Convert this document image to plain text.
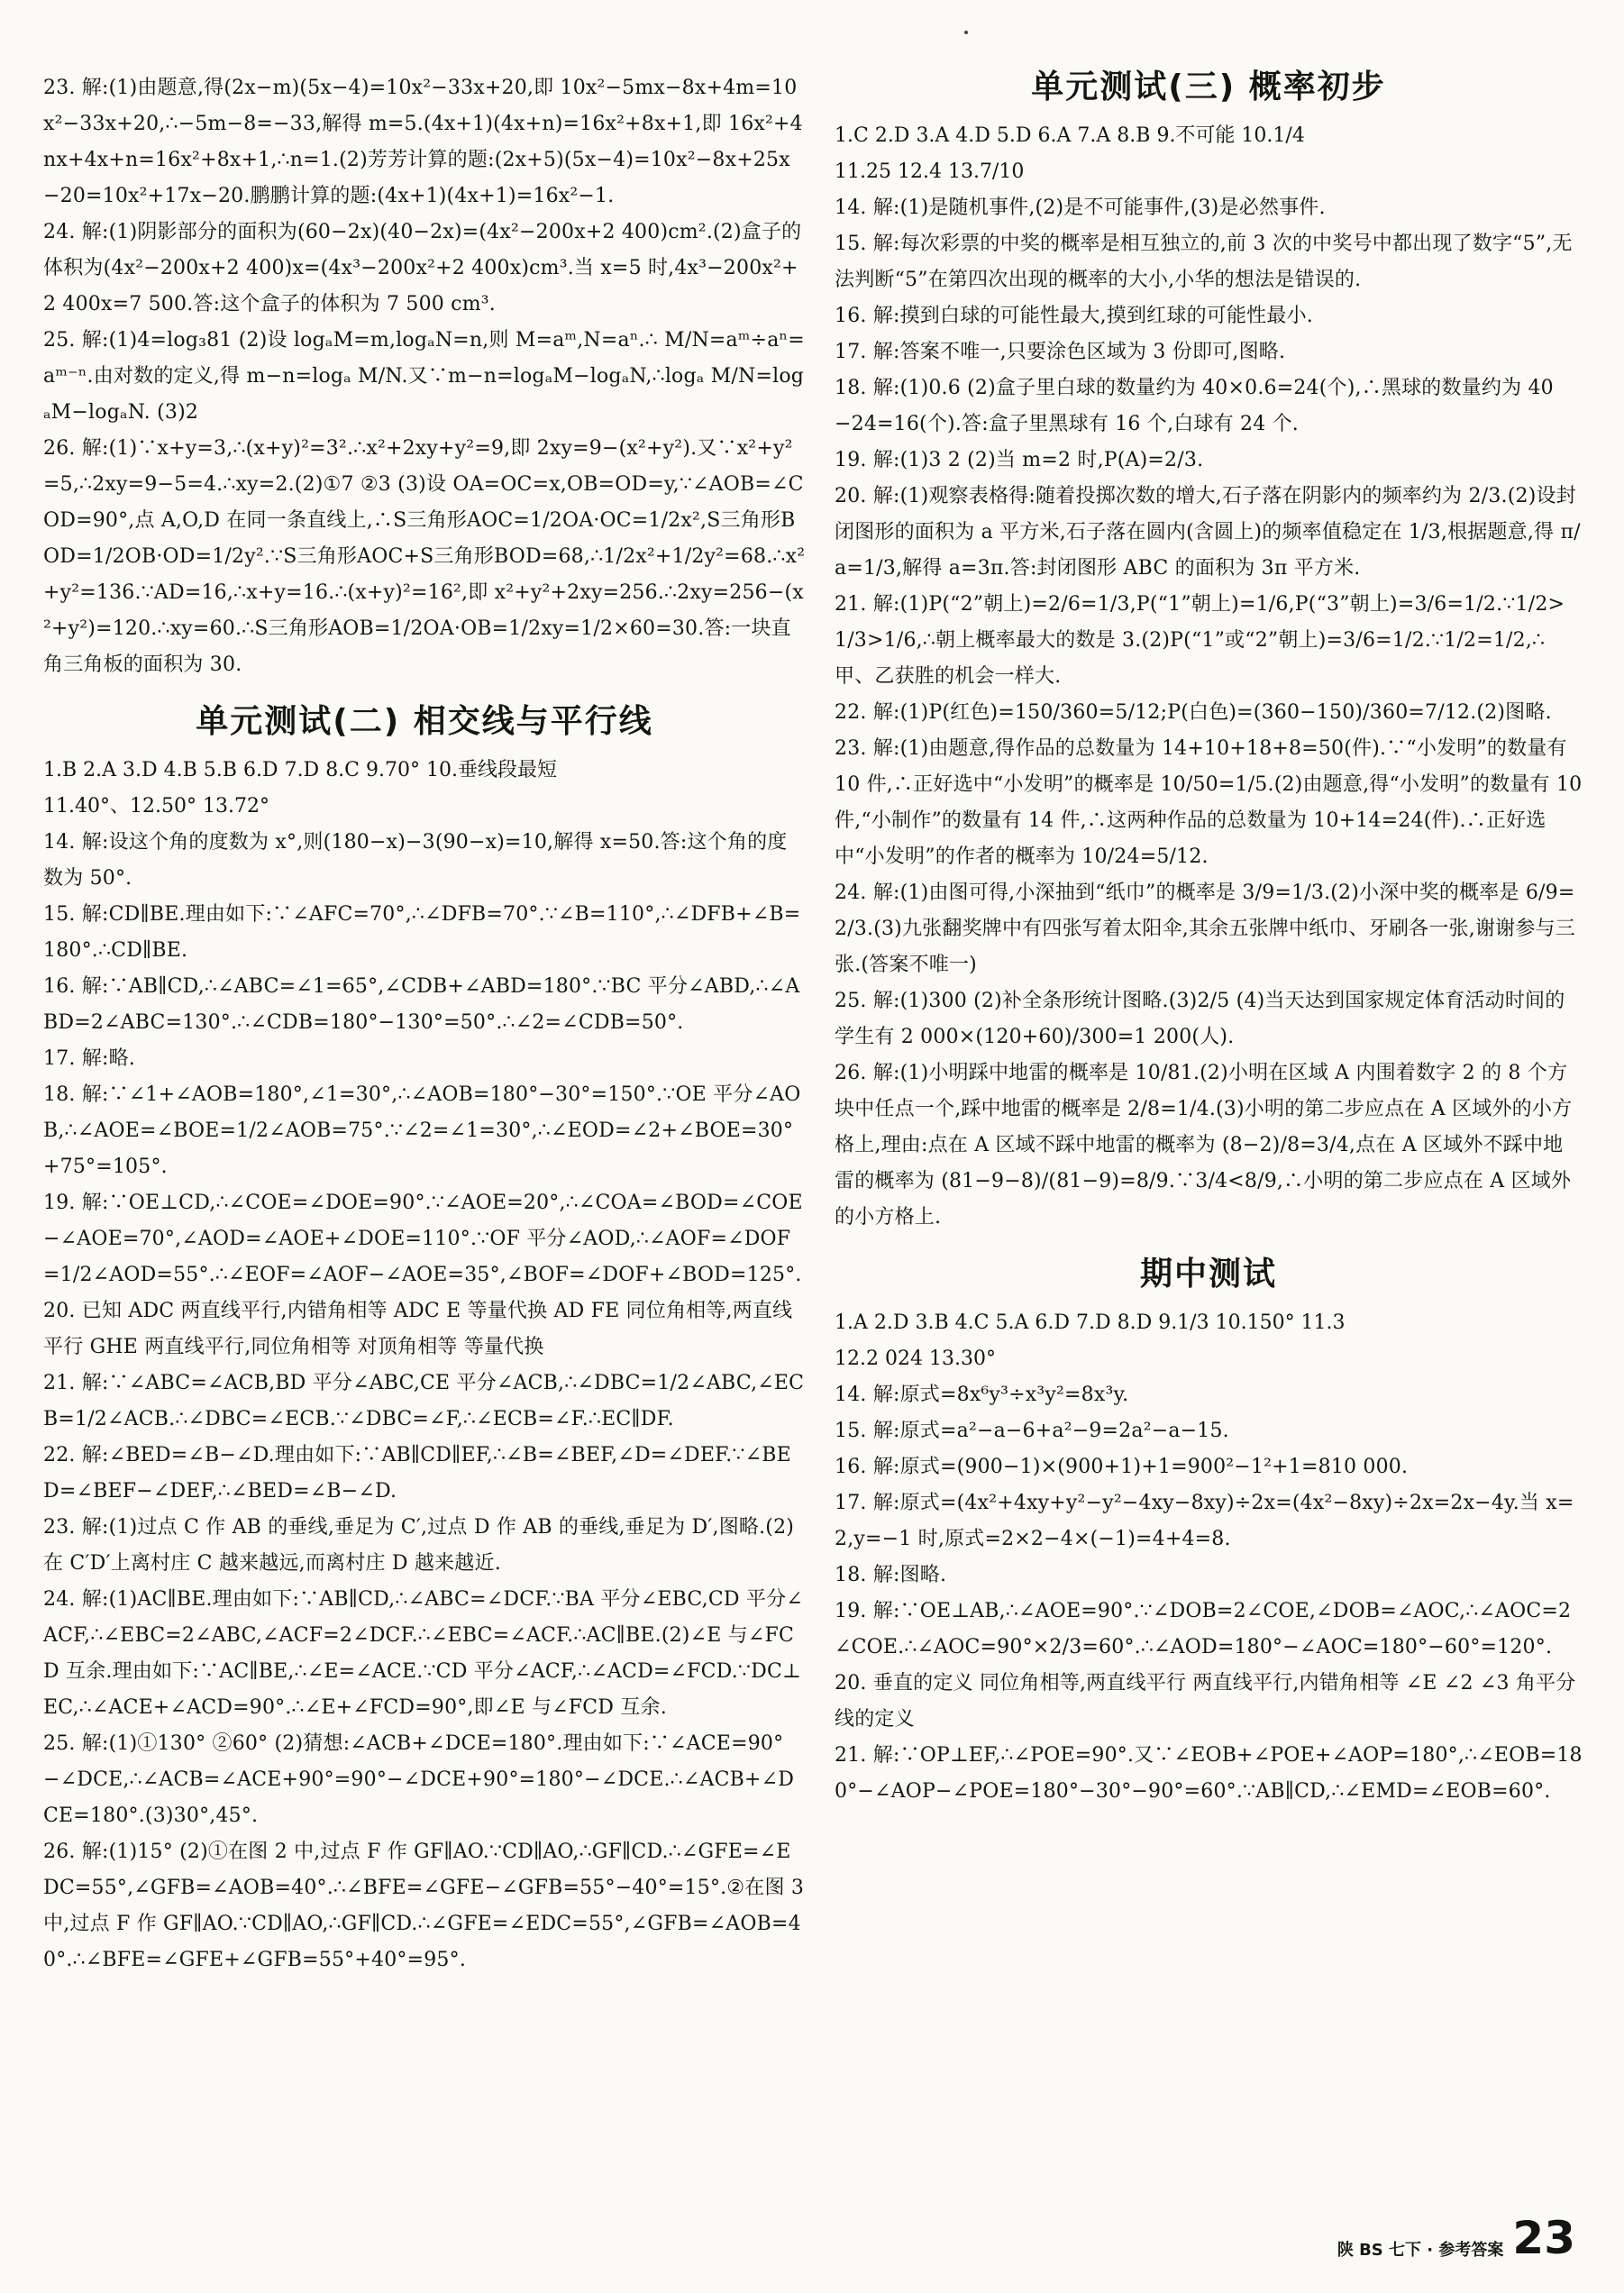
23. 解:(1)由题意,得(2x−m)(5x−4)=10x²−33x+20,即 10x²−5mx−8x+4m=10x²−33x+20,∴−5m−8=−33,解得 m=5.(4x+1)(4x+n)=16x²+8x+1,即 16x²+4nx+4x+n=16x²+8x+1,∴n=1.(2)芳芳计算的题:(2x+5)(5x−4)=10x²−8x+25x−20=10x²+17x−20.鹏鹏计算的题:(4x+1)(4x+1)=16x²−1.

24. 解:(1)阴影部分的面积为(60−2x)(40−2x)=(4x²−200x+2 400)cm².(2)盒子的体积为(4x²−200x+2 400)x=(4x³−200x²+2 400x)cm³.当 x=5 时,4x³−200x²+2 400x=7 500.答:这个盒子的体积为 7 500 cm³.

25. 解:(1)4=log₃81 (2)设 logₐM=m,logₐN=n,则 M=aᵐ,N=aⁿ.∴ M/N=aᵐ÷aⁿ=aᵐ⁻ⁿ.由对数的定义,得 m−n=logₐ M/N.又∵m−n=logₐM−logₐN,∴logₐ M/N=logₐM−logₐN. (3)2

26. 解:(1)∵x+y=3,∴(x+y)²=3².∴x²+2xy+y²=9,即 2xy=9−(x²+y²).又∵x²+y²=5,∴2xy=9−5=4.∴xy=2.(2)①7 ②3 (3)设 OA=OC=x,OB=OD=y,∵∠AOB=∠COD=90°,点 A,O,D 在同一条直线上,∴S三角形AOC=1/2OA·OC=1/2x²,S三角形BOD=1/2OB·OD=1/2y².∵S三角形AOC+S三角形BOD=68,∴1/2x²+1/2y²=68.∴x²+y²=136.∵AD=16,∴x+y=16.∴(x+y)²=16²,即 x²+y²+2xy=256.∴2xy=256−(x²+y²)=120.∴xy=60.∴S三角形AOB=1/2OA·OB=1/2xy=1/2×60=30.答:一块直角三角板的面积为 30.

单元测试(二) 相交线与平行线
1.B 2.A 3.D 4.B 5.B 6.D 7.D 8.C 9.70° 10.垂线段最短
11.40°、12.50° 13.72°

14. 解:设这个角的度数为 x°,则(180−x)−3(90−x)=10,解得 x=50.答:这个角的度数为 50°.

15. 解:CD∥BE.理由如下:∵∠AFC=70°,∴∠DFB=70°.∵∠B=110°,∴∠DFB+∠B=180°.∴CD∥BE.

16. 解:∵AB∥CD,∴∠ABC=∠1=65°,∠CDB+∠ABD=180°.∵BC 平分∠ABD,∴∠ABD=2∠ABC=130°.∴∠CDB=180°−130°=50°.∴∠2=∠CDB=50°.

17. 解:略.

18. 解:∵∠1+∠AOB=180°,∠1=30°,∴∠AOB=180°−30°=150°.∵OE 平分∠AOB,∴∠AOE=∠BOE=1/2∠AOB=75°.∵∠2=∠1=30°,∴∠EOD=∠2+∠BOE=30°+75°=105°.

19. 解:∵OE⊥CD,∴∠COE=∠DOE=90°.∵∠AOE=20°,∴∠COA=∠BOD=∠COE−∠AOE=70°,∠AOD=∠AOE+∠DOE=110°.∵OF 平分∠AOD,∴∠AOF=∠DOF=1/2∠AOD=55°.∴∠EOF=∠AOF−∠AOE=35°,∠BOF=∠DOF+∠BOD=125°.

20. 已知 ADC 两直线平行,内错角相等 ADC E 等量代换 AD FE 同位角相等,两直线平行 GHE 两直线平行,同位角相等 对顶角相等 等量代换

21. 解:∵∠ABC=∠ACB,BD 平分∠ABC,CE 平分∠ACB,∴∠DBC=1/2∠ABC,∠ECB=1/2∠ACB.∴∠DBC=∠ECB.∵∠DBC=∠F,∴∠ECB=∠F.∴EC∥DF.

22. 解:∠BED=∠B−∠D.理由如下:∵AB∥CD∥EF,∴∠B=∠BEF,∠D=∠DEF.∵∠BED=∠BEF−∠DEF,∴∠BED=∠B−∠D.

23. 解:(1)过点 C 作 AB 的垂线,垂足为 C′,过点 D 作 AB 的垂线,垂足为 D′,图略.(2)在 C′D′上离村庄 C 越来越远,而离村庄 D 越来越近.

24. 解:(1)AC∥BE.理由如下:∵AB∥CD,∴∠ABC=∠DCF.∵BA 平分∠EBC,CD 平分∠ACF,∴∠EBC=2∠ABC,∠ACF=2∠DCF.∴∠EBC=∠ACF.∴AC∥BE.(2)∠E 与∠FCD 互余.理由如下:∵AC∥BE,∴∠E=∠ACE.∵CD 平分∠ACF,∴∠ACD=∠FCD.∵DC⊥EC,∴∠ACE+∠ACD=90°.∴∠E+∠FCD=90°,即∠E 与∠FCD 互余.

25. 解:(1)①130° ②60° (2)猜想:∠ACB+∠DCE=180°.理由如下:∵∠ACE=90°−∠DCE,∴∠ACB=∠ACE+90°=90°−∠DCE+90°=180°−∠DCE.∴∠ACB+∠DCE=180°.(3)30°,45°.

26. 解:(1)15° (2)①在图 2 中,过点 F 作 GF∥AO.∵CD∥AO,∴GF∥CD.∴∠GFE=∠EDC=55°,∠GFB=∠AOB=40°.∴∠BFE=∠GFE−∠GFB=55°−40°=15°.②在图 3 中,过点 F 作 GF∥AO.∵CD∥AO,∴GF∥CD.∴∠GFE=∠EDC=55°,∠GFB=∠AOB=40°.∴∠BFE=∠GFE+∠GFB=55°+40°=95°.

单元测试(三) 概率初步
1.C 2.D 3.A 4.D 5.D 6.A 7.A 8.B 9.不可能 10.1/4
11.25 12.4 13.7/10

14. 解:(1)是随机事件,(2)是不可能事件,(3)是必然事件.

15. 解:每次彩票的中奖的概率是相互独立的,前 3 次的中奖号中都出现了数字“5”,无法判断“5”在第四次出现的概率的大小,小华的想法是错误的.

16. 解:摸到白球的可能性最大,摸到红球的可能性最小.

17. 解:答案不唯一,只要涂色区域为 3 份即可,图略.

18. 解:(1)0.6 (2)盒子里白球的数量约为 40×0.6=24(个),∴黑球的数量约为 40−24=16(个).答:盒子里黑球有 16 个,白球有 24 个.

19. 解:(1)3 2 (2)当 m=2 时,P(A)=2/3.

20. 解:(1)观察表格得:随着投掷次数的增大,石子落在阴影内的频率约为 2/3.(2)设封闭图形的面积为 a 平方米,石子落在圆内(含圆上)的频率值稳定在 1/3,根据题意,得 π/a=1/3,解得 a=3π.答:封闭图形 ABC 的面积为 3π 平方米.

21. 解:(1)P(“2”朝上)=2/6=1/3,P(“1”朝上)=1/6,P(“3”朝上)=3/6=1/2.∵1/2>1/3>1/6,∴朝上概率最大的数是 3.(2)P(“1”或“2”朝上)=3/6=1/2.∵1/2=1/2,∴甲、乙获胜的机会一样大.

22. 解:(1)P(红色)=150/360=5/12;P(白色)=(360−150)/360=7/12.(2)图略.

23. 解:(1)由题意,得作品的总数量为 14+10+18+8=50(件).∵“小发明”的数量有 10 件,∴正好选中“小发明”的概率是 10/50=1/5.(2)由题意,得“小发明”的数量有 10 件,“小制作”的数量有 14 件,∴这两种作品的总数量为 10+14=24(件).∴正好选中“小发明”的作者的概率为 10/24=5/12.

24. 解:(1)由图可得,小深抽到“纸巾”的概率是 3/9=1/3.(2)小深中奖的概率是 6/9=2/3.(3)九张翻奖牌中有四张写着太阳伞,其余五张牌中纸巾、牙刷各一张,谢谢参与三张.(答案不唯一)

25. 解:(1)300 (2)补全条形统计图略.(3)2/5 (4)当天达到国家规定体育活动时间的学生有 2 000×(120+60)/300=1 200(人).

26. 解:(1)小明踩中地雷的概率是 10/81.(2)小明在区域 A 内围着数字 2 的 8 个方块中任点一个,踩中地雷的概率是 2/8=1/4.(3)小明的第二步应点在 A 区域外的小方格上,理由:点在 A 区域不踩中地雷的概率为 (8−2)/8=3/4,点在 A 区域外不踩中地雷的概率为 (81−9−8)/(81−9)=8/9.∵3/4<8/9,∴小明的第二步应点在 A 区域外的小方格上.

期中测试
1.A 2.D 3.B 4.C 5.A 6.D 7.D 8.D 9.1/3 10.150° 11.3
12.2 024 13.30°

14. 解:原式=8x⁶y³÷x³y²=8x³y.

15. 解:原式=a²−a−6+a²−9=2a²−a−15.

16. 解:原式=(900−1)×(900+1)+1=900²−1²+1=810 000.

17. 解:原式=(4x²+4xy+y²−y²−4xy−8xy)÷2x=(4x²−8xy)÷2x=2x−4y.当 x=2,y=−1 时,原式=2×2−4×(−1)=4+4=8.

18. 解:图略.

19. 解:∵OE⊥AB,∴∠AOE=90°.∵∠DOB=2∠COE,∠DOB=∠AOC,∴∠AOC=2∠COE.∴∠AOC=90°×2/3=60°.∴∠AOD=180°−∠AOC=180°−60°=120°.

20. 垂直的定义 同位角相等,两直线平行 两直线平行,内错角相等 ∠E ∠2 ∠3 角平分线的定义

21. 解:∵OP⊥EF,∴∠POE=90°.又∵∠EOB+∠POE+∠AOP=180°,∴∠EOB=180°−∠AOP−∠POE=180°−30°−90°=60°.∵AB∥CD,∴∠EMD=∠EOB=60°.

陕 BS 七下 · 参考答案 23
